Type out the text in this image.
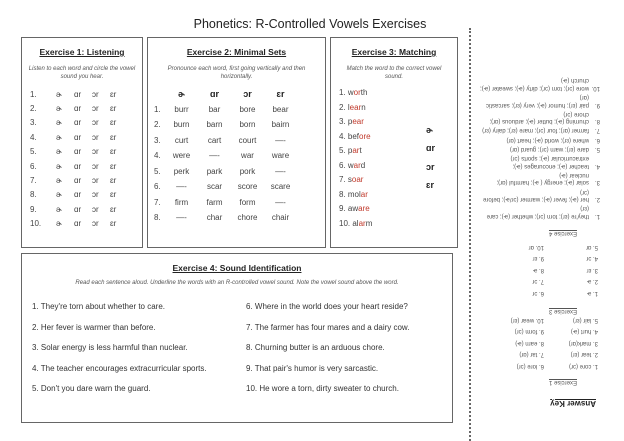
Phonetics: R-Controlled Vowels Exercises
Exercise 1: Listening
Listen to each word and circle the vowel sound you hear.
1.	ɚ	ɑr	ɔr	ɛr
2.	ɚ	ɑr	ɔr	ɛr
3.	ɚ	ɑr	ɔr	ɛr
4.	ɚ	ɑr	ɔr	ɛr
5.	ɚ	ɑr	ɔr	ɛr
6.	ɚ	ɑr	ɔr	ɛr
7.	ɚ	ɑr	ɔr	ɛr
8.	ɚ	ɑr	ɔr	ɛr
9.	ɚ	ɑr	ɔr	ɛr
10.	ɚ	ɑr	ɔr	ɛr
Exercise 2: Minimal Sets
Pronounce each word, first going vertically and then horizontally.
ɚ	ɑr	ɔr	ɛr
1.	burr	bar	bore	bear
2.	burn	barn	born	bairn
3.	curt	cart	court	—-
4.	were	—-	war	ware
5.	perk	park	pork	—-
6.	—-	scar	score	scare
7.	firm	farm	form	—-
8.	—-	char	chore	chair
Exercise 3: Matching
Match the word to the correct vowel sound.
1. worth
2. learn
3. pear
4. before
5. part
6. ward
7. soar
8. molar
9. aware
10. alarm
ɚ
ɑr
ɔr
ɛr
Exercise 4: Sound Identification
Read each sentence aloud. Underline the words with an R-controlled vowel sound. Note the vowel sound above the word.
1. They're torn about whether to care.
2. Her fever is warmer than before.
3. Solar energy is less harmful than nuclear.
4. The teacher encourages extracurricular sports.
5. Don't you dare warn the guard.
6. Where in the world does your heart reside?
7. The farmer has four mares and a dairy cow.
8. Churning butter is an arduous chore.
9. That pair's humor is very sarcastic.
10. He wore a torn, dirty sweater to church.
Answer Key
Exercise 1
Exercise 3
Exercise 4
1. core (ɔr)
2. tear (ɛr)
3. mark(ɑr)
4. hurt (ɚ)
5. lair (ɛr)
6. lore (ɔr)
7. tar (ɑr)
8. earn (ɚ)
9. form (ɔr)
10. wear (ɛr)
1. ɚ
2. ɚ
3. ɛr
4. ɔr
5. ɑr
6. ɔr
7. ɔr
8. ɚ
9. ɛr
10. ɑr
1.
they're (ɛr); torn (ɔr); whether (ɚ); care (ɛr)
2.
her (ɚ); fever (ɚ); warmer (ɔr/ɚ); before (ɔr)
3.
solar (ɚ); energy ( ɚ); harmful (ɑr); nuclear (ɚ)
4.
teacher (ɚ); encourages (ɚ); extracurricular (ɚ); sports (ɔr)
5.
dare (ɛr); warn (ɔr); guard (ɑr)
6.
where (ɛr); world (ɚ); heart (ɑr)
7.
farmer (ɑr); four (ɔr); mare (ɛr); dairy (ɛr)
8.
churning (ɚ); butter (ɚ); arduous (ɑr); chore (ɔr)
9.
pair (ɛr); humor (ɚ); very (ɛr); sarcastic (ɑr)
10.
wore (ɔr); torn (ɔr); dirty (ɚ); sweater (ɚ); church (ɚ)
